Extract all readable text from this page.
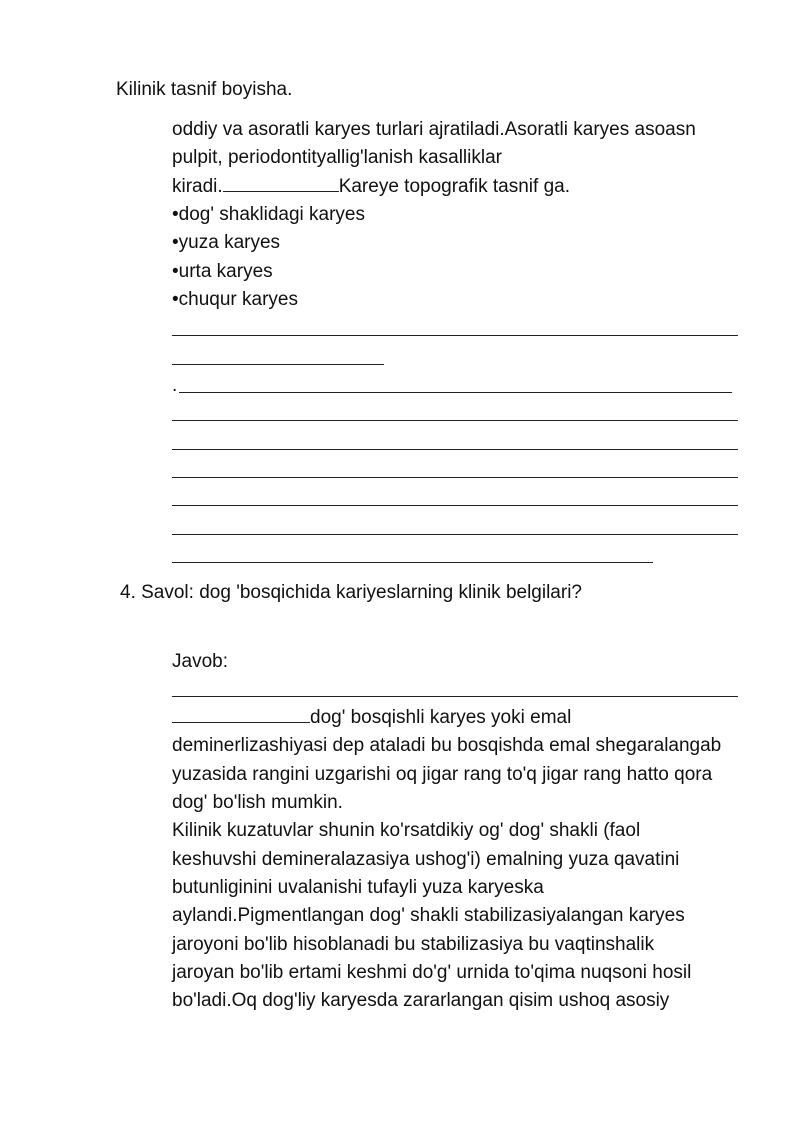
Kilinik tasnif boyisha.
oddiy va asoratli karyes turlari ajratiladi.Asoratli karyes asoasn
pulpit, periodontityallig'lanish kasalliklar
kiradi.	Kareye topografik tasnif ga.
•dog' shaklidagi karyes
•yuza karyes
•urta karyes
•chuqur karyes
.
4. Savol: dog 'bosqichida kariyeslarning klinik belgilari?
Javob:
dog' bosqishli karyes yoki emal
deminerlizashiyasi dep ataladi bu bosqishda emal shegaralangab
yuzasida rangini uzgarishi oq jigar rang to'q jigar rang hatto qora
dog' bo'lish mumkin.
Kilinik kuzatuvlar shunin ko'rsatdikiy og' dog' shakli (faol
keshuvshi demineralazasiya ushog'i) emalning yuza qavatini
butunliginini uvalanishi tufayli yuza karyeska
aylandi.Pigmentlangan dog' shakli stabilizasiyalangan karyes
jaroyoni bo'lib hisoblanadi bu stabilizasiya bu vaqtinshalik
jaroyan bo'lib ertami keshmi do'g' urnida to'qima nuqsoni hosil
bo'ladi.Oq dog'liy karyesda zararlangan qisim ushoq asosiy
